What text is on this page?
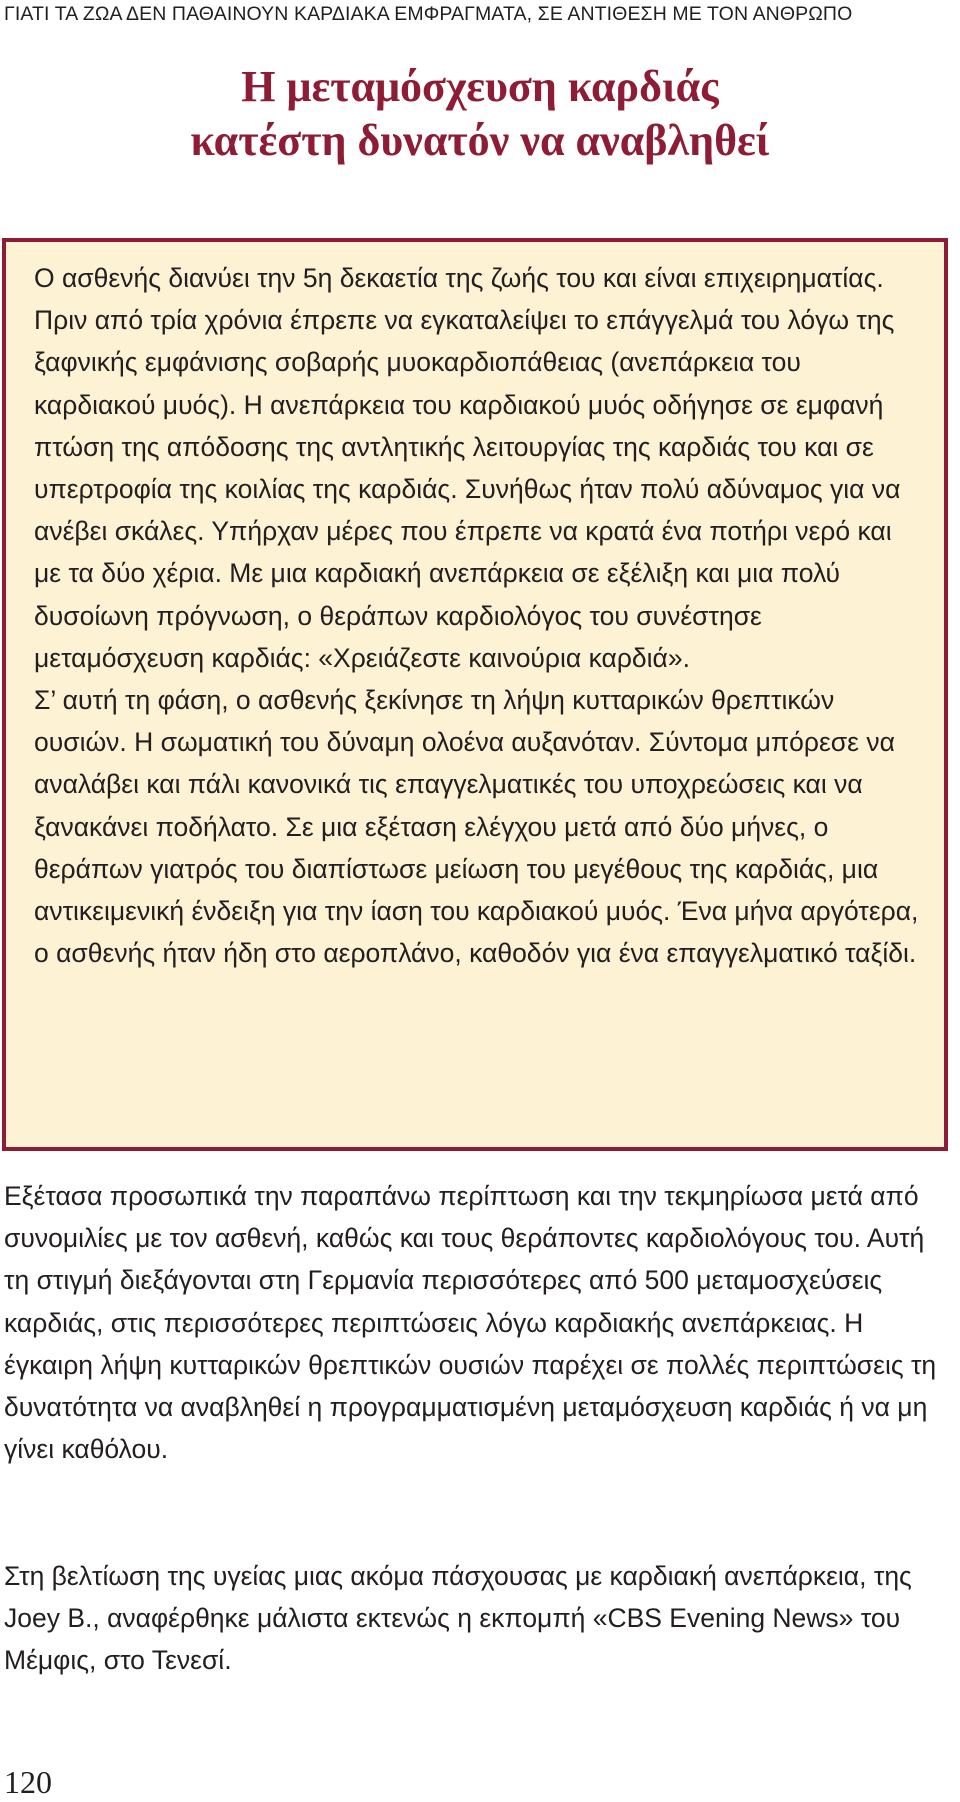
ΓΙΑΤΙ ΤΑ ΖΩΑ ΔΕΝ ΠΑΘΑΙΝΟΥΝ ΚΑΡΔΙΑΚΑ ΕΜΦΡΑΓΜΑΤΑ, ΣΕ ΑΝΤΙΘΕΣΗ ΜΕ ΤΟΝ ΑΝΘΡΩΠΟ
Η μεταμόσχευση καρδιάς
κατέστη δυνατόν να αναβληθεί

Ο ασθενής διανύει την 5η δεκαετία της ζωής του και είναι επιχειρηματίας. Πριν από τρία χρόνια έπρεπε να εγκαταλείψει το επάγγελμά του λόγω της ξαφνικής εμφάνισης σοβαρής μυοκαρδιοπάθειας (ανεπάρκεια του καρδιακού μυός). Η ανεπάρκεια του καρδιακού μυός οδήγησε σε εμφανή πτώση της απόδοσης της αντλητικής λειτουργίας της καρδιάς του και σε υπερτροφία της κοιλίας της καρδιάς. Συνήθως ήταν πολύ αδύναμος για να ανέβει σκάλες. Υπήρχαν μέρες που έπρεπε να κρατά ένα ποτήρι νερό και με τα δύο χέρια. Με μια καρδιακή ανεπάρκεια σε εξέλιξη και μια πολύ δυσοίωνη πρόγνωση, ο θεράπων καρδιολόγος του συνέστησε μεταμόσχευση καρδιάς: «Χρειάζεστε καινούρια καρδιά».

Σ’ αυτή τη φάση, ο ασθενής ξεκίνησε τη λήψη κυτταρικών θρεπτικών ουσιών. Η σωματική του δύναμη ολοένα αυξανόταν. Σύντομα μπόρεσε να αναλάβει και πάλι κανονικά τις επαγγελματικές του υποχρεώσεις και να ξανακάνει ποδήλατο. Σε μια εξέταση ελέγχου μετά από δύο μήνες, ο θεράπων γιατρός του διαπίστωσε μείωση του μεγέθους της καρδιάς, μια αντικειμενική ένδειξη για την ίαση του καρδιακού μυός. Ένα μήνα αργότερα, ο ασθενής ήταν ήδη στο αεροπλάνο, καθοδόν για ένα επαγγελματικό ταξίδι.

Εξέτασα προσωπικά την παραπάνω περίπτωση και την τεκμηρίωσα μετά από συνομιλίες με τον ασθενή, καθώς και τους θεράποντες καρδιολόγους του. Αυτή τη στιγμή διεξάγονται στη Γερμανία περισσότερες από 500 μεταμοσχεύσεις καρδιάς, στις περισσότερες περιπτώσεις λόγω καρδιακής ανεπάρκειας. Η έγκαιρη λήψη κυτταρικών θρεπτικών ουσιών παρέχει σε πολλές περιπτώσεις τη δυνατότητα να αναβληθεί η προγραμματισμένη μεταμόσχευση καρδιάς ή να μη γίνει καθόλου.

Στη βελτίωση της υγείας μιας ακόμα πάσχουσας με καρδιακή ανεπάρκεια, της Joey B., αναφέρθηκε μάλιστα εκτενώς η εκπομπή «CBS Evening News» του Μέμφις, στο Τενεσί.

120
